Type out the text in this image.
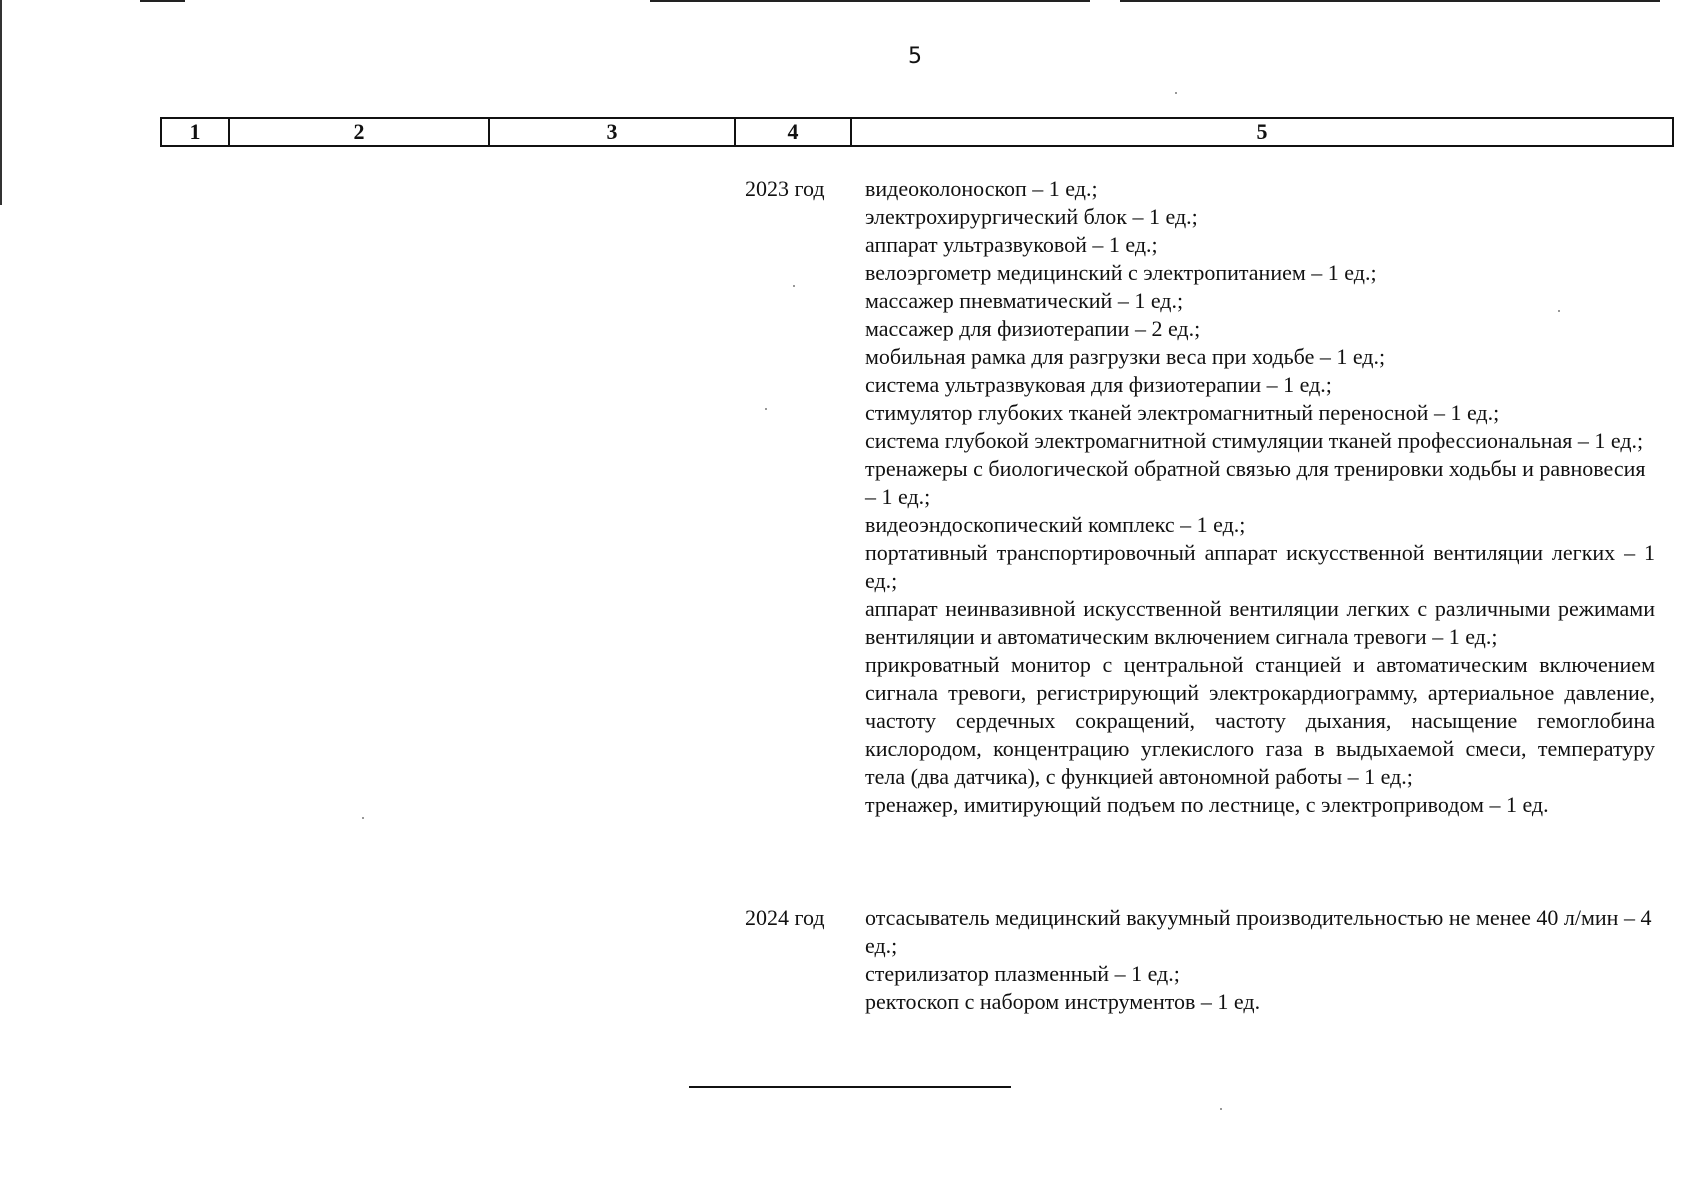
5
1	2	3	4	5
2023 год видеоколоноскоп – 1 ед.;

электрохирургический блок – 1 ед.;

аппарат ультразвуковой – 1 ед.;

велоэргометр медицинский с электропитанием – 1 ед.;

массажер пневматический – 1 ед.;

массажер для физиотерапии – 2 ед.;

мобильная рамка для разгрузки веса при ходьбе – 1 ед.;

система ультразвуковая для физиотерапии – 1 ед.;

стимулятор глубоких тканей электромагнитный переносной – 1 ед.;

система глубокой электромагнитной стимуляции тканей профессиональная – 1 ед.;

тренажеры с биологической обратной связью для тренировки ходьбы и равновесия – 1 ед.;

видеоэндоскопический комплекс – 1 ед.;

портативный транспортировочный аппарат искусственной вентиляции легких – 1 ед.;

аппарат неинвазивной искусственной вентиляции легких с различными режимами вентиляции и автоматическим включением сигнала тревоги – 1 ед.;

прикроватный монитор с центральной станцией и автоматическим включением сигнала тревоги, регистрирующий электрокардиограмму, артериальное давление, частоту сердечных сокращений, частоту дыхания, насыщение гемоглобина кислородом, концентрацию углекислого газа в выдыхаемой смеси, температуру тела (два датчика), с функцией автономной работы – 1 ед.;

тренажер, имитирующий подъем по лестнице, с электроприводом – 1 ед.

2024 год отсасыватель медицинский вакуумный производительностью не менее 40 л/мин – 4 ед.;

стерилизатор плазменный – 1 ед.;

ректоскоп с набором инструментов – 1 ед.
